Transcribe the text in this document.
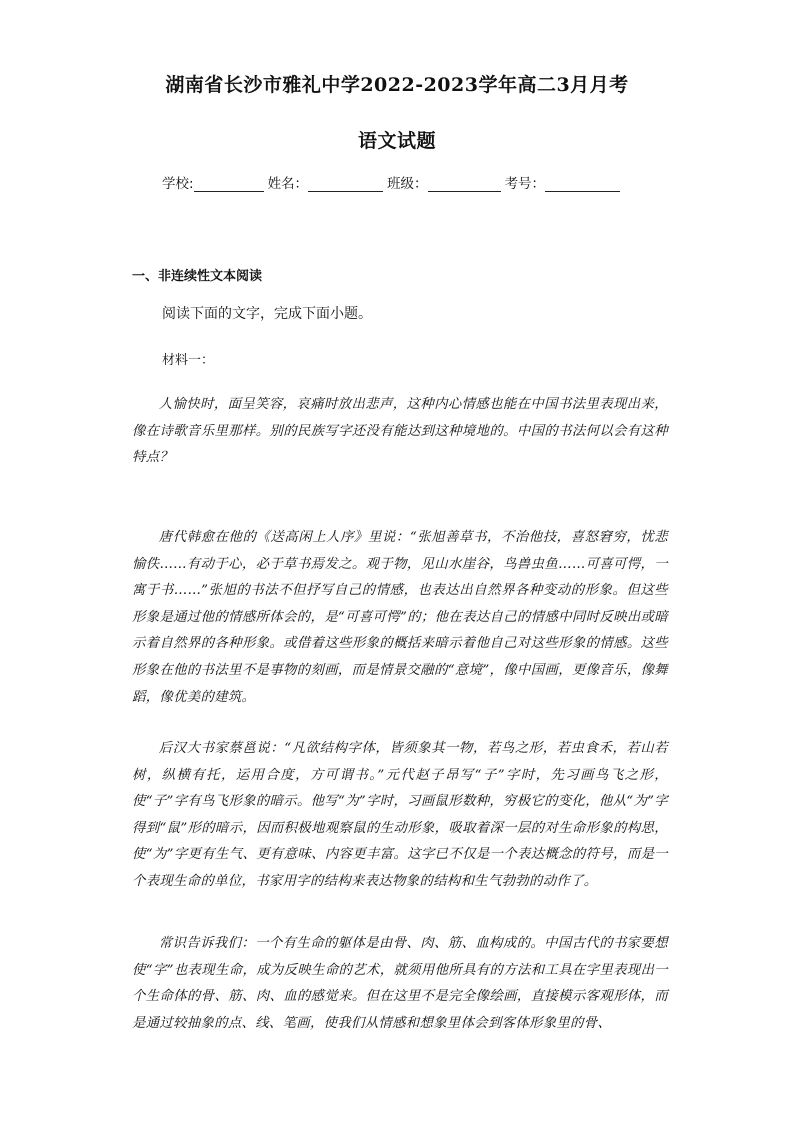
湖南省长沙市雅礼中学2022-2023学年高二3月月考
语文试题
学校:	姓名：	班级：	考号：
一、非连续性文本阅读
阅读下面的文字，完成下面小题。
材料一：

人愉快时，面呈笑容，哀痛时放出悲声，这种内心情感也能在中国书法里表现出来，像在诗歌音乐里那样。别的民族写字还没有能达到这种境地的。中国的书法何以会有这种特点？

唐代韩愈在他的《送高闲上人序》里说：“张旭善草书，不治他技，喜怒窘穷，忧悲愉佚……有动于心，必于草书焉发之。观于物，见山水崖谷，鸟兽虫鱼……可喜可愕，一寓于书……”张旭的书法不但抒写自己的情感，也表达出自然界各种变动的形象。但这些形象是通过他的情感所体会的，是“可喜可愕”的；他在表达自己的情感中同时反映出或暗示着自然界的各种形象。或借着这些形象的概括来暗示着他自己对这些形象的情感。这些形象在他的书法里不是事物的刻画，而是情景交融的“意境”，像中国画，更像音乐，像舞蹈，像优美的建筑。

后汉大书家蔡邕说：“凡欲结构字体，皆须象其一物，若鸟之形，若虫食禾，若山若树，纵横有托，运用合度，方可谓书。”元代赵子昂写“子”字时，先习画鸟飞之形，使“子”字有鸟飞形象的暗示。他写“为”字时，习画鼠形数种，穷极它的变化，他从“为”字得到“鼠”形的暗示，因而积极地观察鼠的生动形象，吸取着深一层的对生命形象的构思，使“为”字更有生气、更有意味、内容更丰富。这字已不仅是一个表达概念的符号，而是一个表现生命的单位，书家用字的结构来表达物象的结构和生气勃勃的动作了。

常识告诉我们：一个有生命的躯体是由骨、肉、筋、血构成的。中国古代的书家要想使“字”也表现生命，成为反映生命的艺术，就须用他所具有的方法和工具在字里表现出一个生命体的骨、筋、肉、血的感觉来。但在这里不是完全像绘画，直接模示客观形体，而是通过较抽象的点、线、笔画，使我们从情感和想象里体会到客体形象里的骨、
